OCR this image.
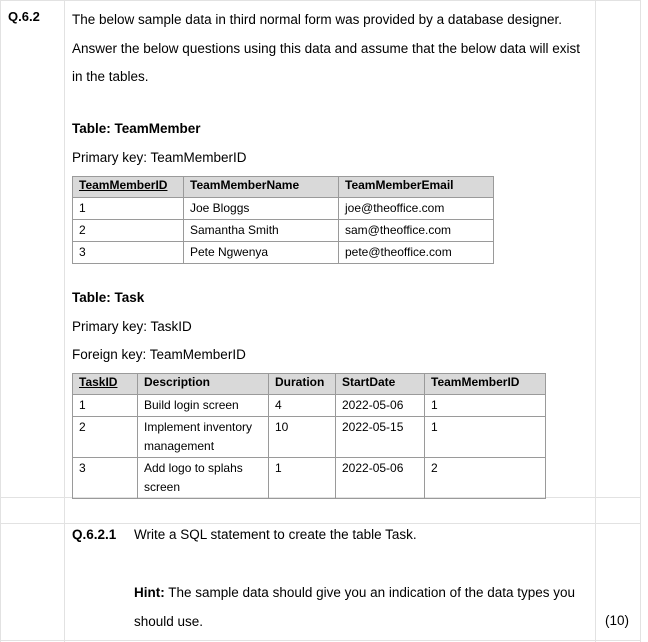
Q.6.2 The below sample data in third normal form was provided by a database designer. Answer the below questions using this data and assume that the below data will exist in the tables.
Table: TeamMember
Primary key: TeamMemberID
TeamMemberID	TeamMemberName	TeamMemberEmail
1	Joe Bloggs	joe@theoffice.com
2	Samantha Smith	sam@theoffice.com
3	Pete Ngwenya	pete@theoffice.com
Table: Task
Primary key: TaskID
Foreign key: TeamMemberID
TaskID	Description	Duration	StartDate	TeamMemberID
1	Build login screen	4	2022-05-06	1
2	Implement inventory management	10	2022-05-15	1
3	Add logo to splahs screen	1	2022-05-06	2
Q.6.2.1 Write a SQL statement to create the table Task.
Hint: The sample data should give you an indication of the data types you should use.	(10)
